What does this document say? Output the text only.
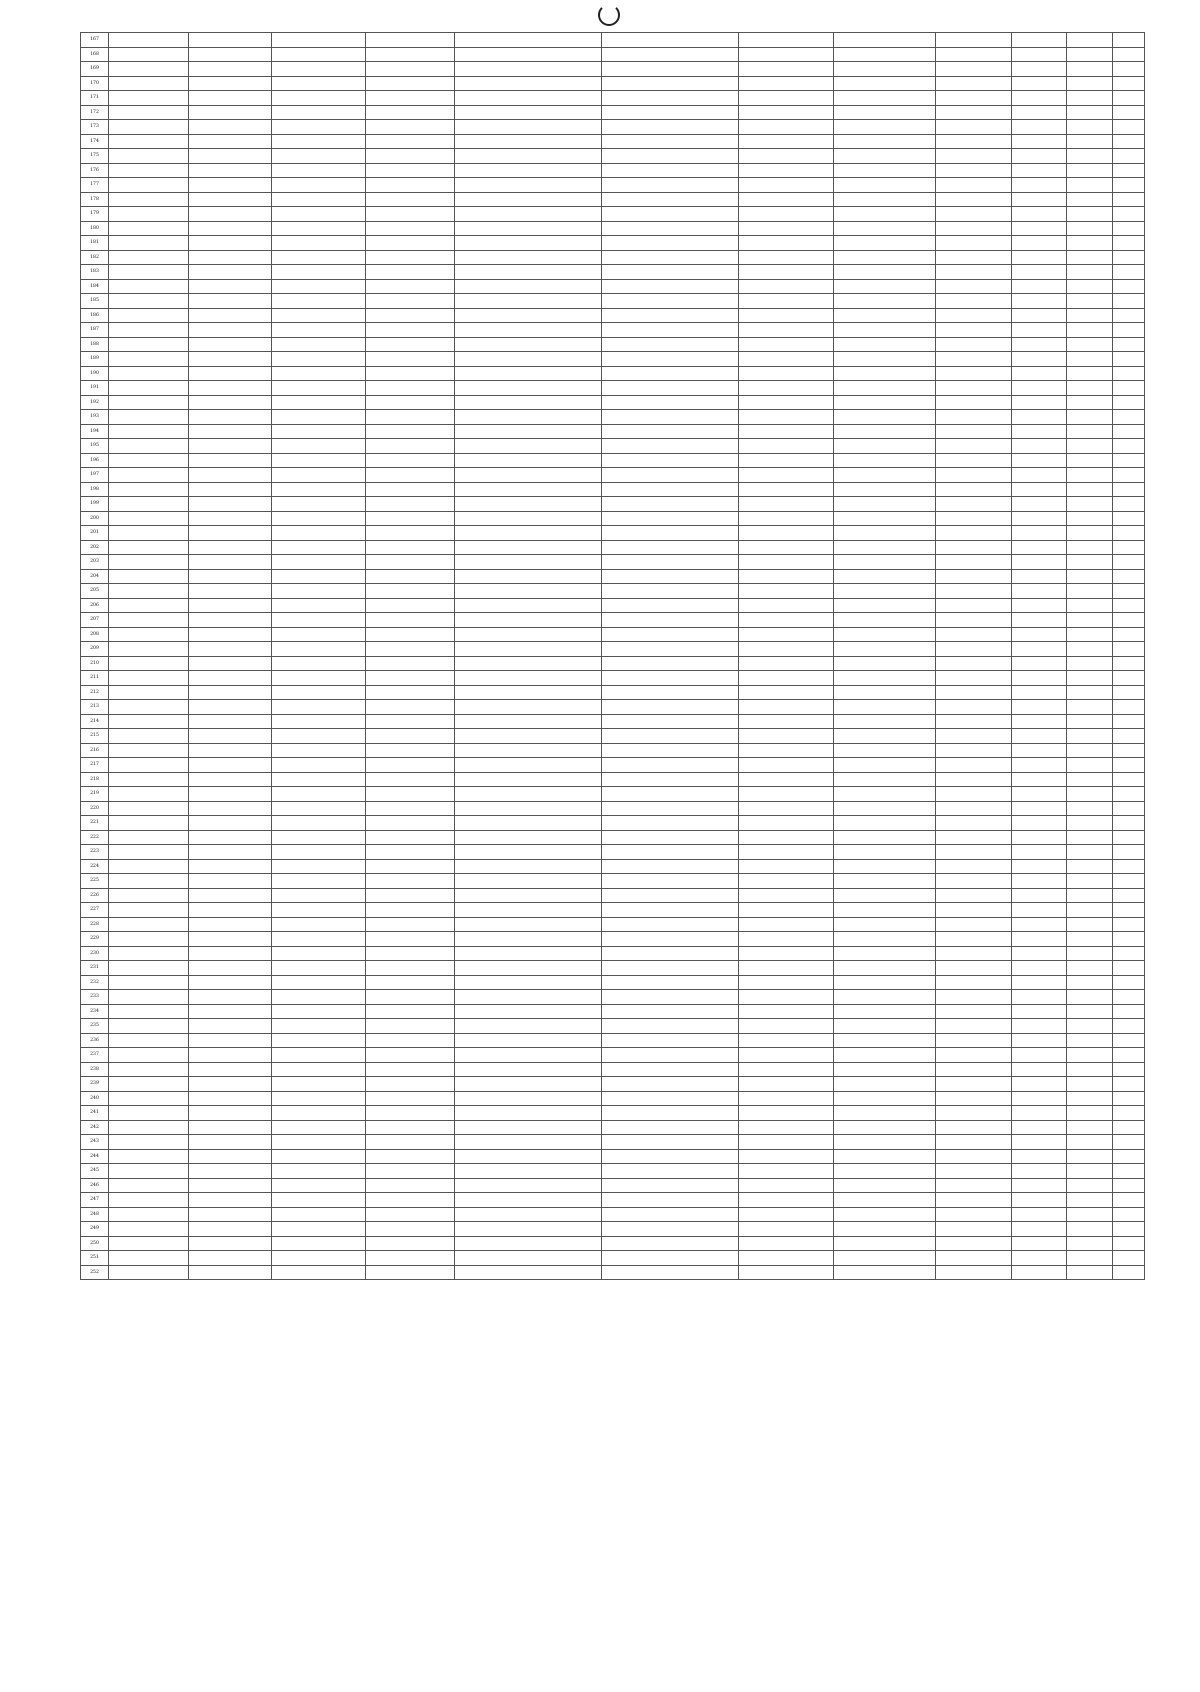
167												
168												
169												
170												
171												
172												
173												
174												
175												
176												
177												
178												
179												
180												
181												
182												
183												
184												
185												
186												
187												
188												
189												
190												
191												
192												
193												
194												
195												
196												
197												
198												
199												
200												
201												
202												
203												
204												
205												
206												
207												
208												
209												
210												
211												
212												
213												
214												
215												
216												
217												
218												
219												
220												
221												
222												
223												
224												
225												
226												
227												
228												
229												
230												
231												
232												
233												
234												
235												
236												
237												
238												
239												
240												
241												
242												
243												
244												
245												
246												
247												
248												
249												
250												
251												
252												
